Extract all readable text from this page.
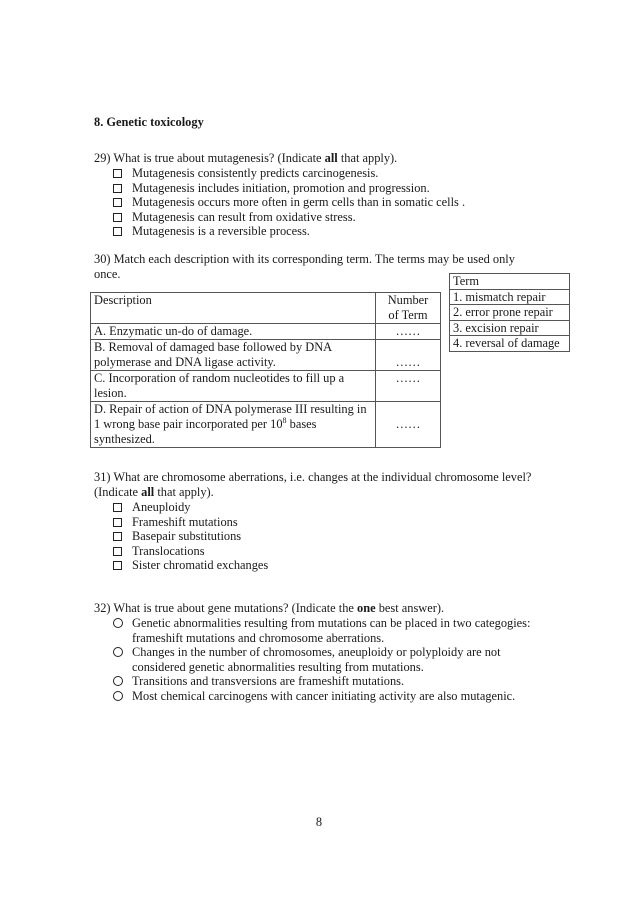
8. Genetic toxicology
29) What is true about mutagenesis? (Indicate all that apply).
Mutagenesis consistently predicts carcinogenesis.
Mutagenesis includes initiation, promotion and progression.
Mutagenesis occurs more often in germ cells than in somatic cells .
Mutagenesis can result from oxidative stress.
Mutagenesis is a reversible process.
30) Match each description with its corresponding term. The terms may be used only
once.
Description	Number
of Term
A. Enzymatic un-do of damage.	……
B. Removal of damaged base followed by DNA
polymerase and DNA ligase activity.	……
C. Incorporation of random nucleotides to fill up a
lesion.	……
D. Repair of action of DNA polymerase III resulting in
1 wrong base pair incorporated per $10^8$ bases
synthesized.	……
Term
1. mismatch repair
2. error prone repair
3. excision repair
4. reversal of damage
31) What are chromosome aberrations, i.e. changes at the individual chromosome level?
(Indicate all that apply).
Aneuploidy
Frameshift mutations
Basepair substitutions
Translocations
Sister chromatid exchanges
32) What is true about gene mutations? (Indicate the one best answer).
Genetic abnormalities resulting from mutations can be placed in two categogies:
frameshift mutations and chromosome aberrations.
Changes in the number of chromosomes, aneuploidy or polyploidy are not
considered genetic abnormalities resulting from mutations.
Transitions and transversions are frameshift mutations.
Most chemical carcinogens with cancer initiating activity are also mutagenic.
8
